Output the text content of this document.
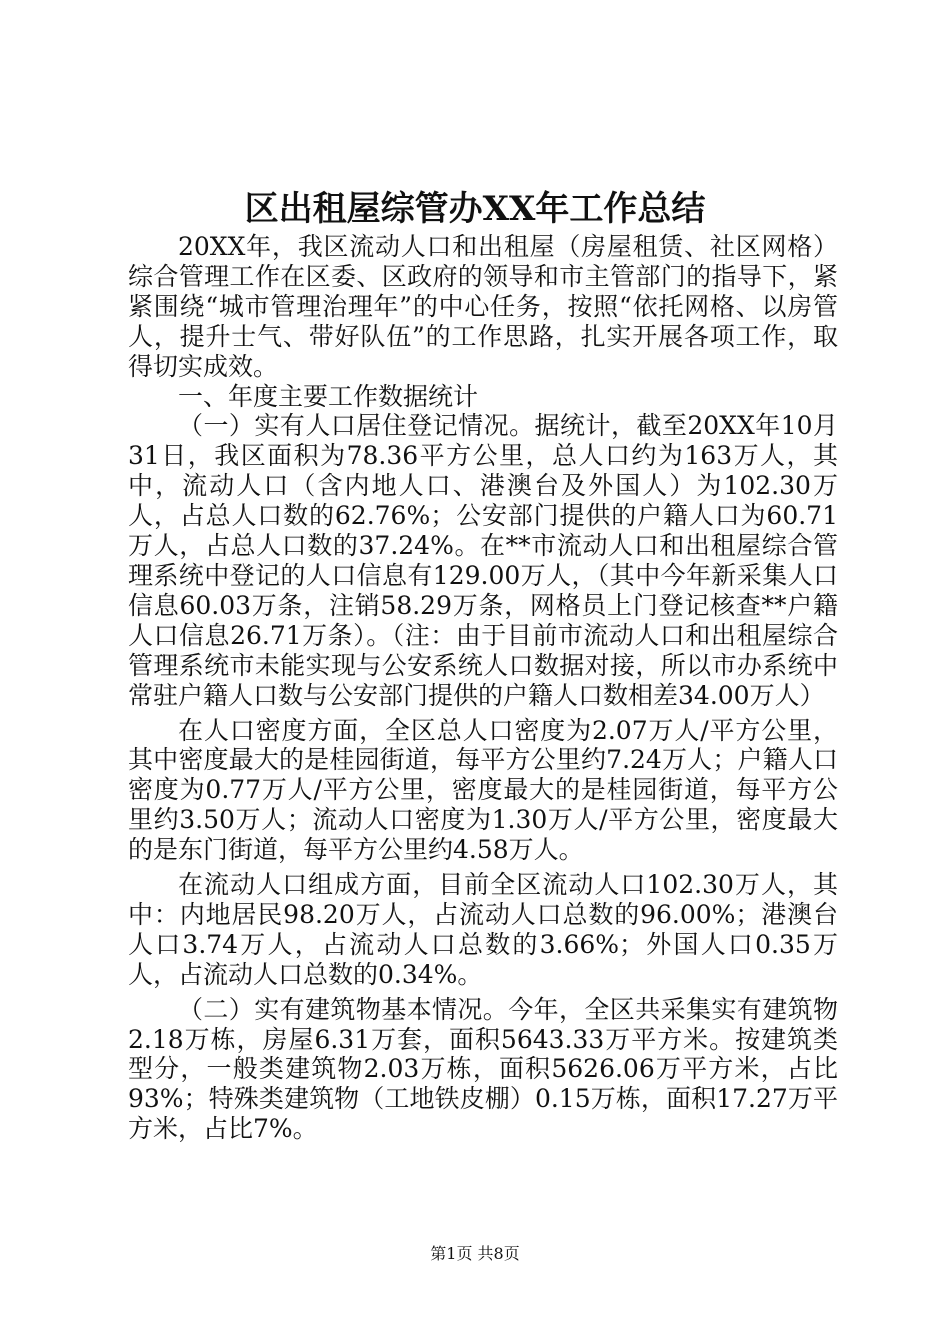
区出租屋综管办XX年工作总结

20XX年，我区流动人口和出租屋（房屋租赁、社区网格）综合管理工作在区委、区政府的领导和市主管部门的指导下，紧紧围绕“城市管理治理年”的中心任务，按照“依托网格、以房管人，提升士气、带好队伍”的工作思路，扎实开展各项工作，取得切实成效。

一、年度主要工作数据统计

（一）实有人口居住登记情况。据统计，截至20XX年10月31日，我区面积为78.36平方公里，总人口约为163万人，其中，流动人口（含内地人口、港澳台及外国人）为102.30万人，占总人口数的62.76%；公安部门提供的户籍人口为60.71万人，占总人口数的37.24%。在**市流动人口和出租屋综合管理系统中登记的人口信息有129.00万人，（其中今年新采集人口信息60.03万条，注销58.29万条，网格员上门登记核查**户籍人口信息26.71万条）。（注：由于目前市流动人口和出租屋综合管理系统市未能实现与公安系统人口数据对接，所以市办系统中常驻户籍人口数与公安部门提供的户籍人口数相差34.00万人）

在人口密度方面，全区总人口密度为2.07万人/平方公里，其中密度最大的是桂园街道，每平方公里约7.24万人；户籍人口密度为0.77万人/平方公里，密度最大的是桂园街道，每平方公里约3.50万人；流动人口密度为1.30万人/平方公里，密度最大的是东门街道，每平方公里约4.58万人。

在流动人口组成方面，目前全区流动人口102.30万人，其中：内地居民98.20万人，占流动人口总数的96.00%；港澳台人口3.74万人，占流动人口总数的3.66%；外国人口0.35万人，占流动人口总数的0.34%。

（二）实有建筑物基本情况。今年，全区共采集实有建筑物2.18万栋，房屋6.31万套，面积5643.33万平方米。按建筑类型分，一般类建筑物2.03万栋，面积5626.06万平方米，占比93%；特殊类建筑物（工地铁皮棚）0.15万栋，面积17.27万平方米，占比7%。

第1页 共8页
